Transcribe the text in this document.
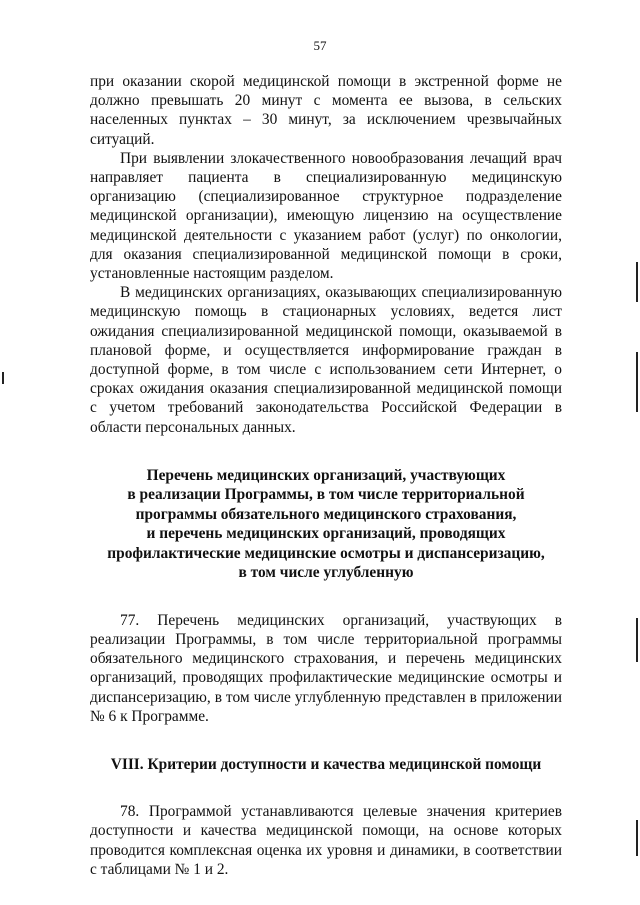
57

при оказании скорой медицинской помощи в экстренной форме не должно превышать 20 минут с момента ее вызова, в сельских населенных пунктах – 30 минут, за исключением чрезвычайных ситуаций.

При выявлении злокачественного новообразования лечащий врач направляет пациента в специализированную медицинскую организацию (специализированное структурное подразделение медицинской организации), имеющую лицензию на осуществление медицинской деятельности с указанием работ (услуг) по онкологии, для оказания специализированной медицинской помощи в сроки, установленные настоящим разделом.

В медицинских организациях, оказывающих специализированную медицинскую помощь в стационарных условиях, ведется лист ожидания специализированной медицинской помощи, оказываемой в плановой форме, и осуществляется информирование граждан в доступной форме, в том числе с использованием сети Интернет, о сроках ожидания оказания специализированной медицинской помощи с учетом требований законодательства Российской Федерации в области персональных данных.

Перечень медицинских организаций, участвующих
в реализации Программы, в том числе территориальной
программы обязательного медицинского страхования,
и перечень медицинских организаций, проводящих
профилактические медицинские осмотры и диспансеризацию,
в том числе углубленную

77. Перечень медицинских организаций, участвующих в реализации Программы, в том числе территориальной программы обязательного медицинского страхования, и перечень медицинских организаций, проводящих профилактические медицинские осмотры и диспансеризацию, в том числе углубленную представлен в приложении № 6 к Программе.

VIII. Критерии доступности и качества медицинской помощи

78. Программой устанавливаются целевые значения критериев доступности и качества медицинской помощи, на основе которых проводится комплексная оценка их уровня и динамики, в соответствии с таблицами № 1 и 2.
